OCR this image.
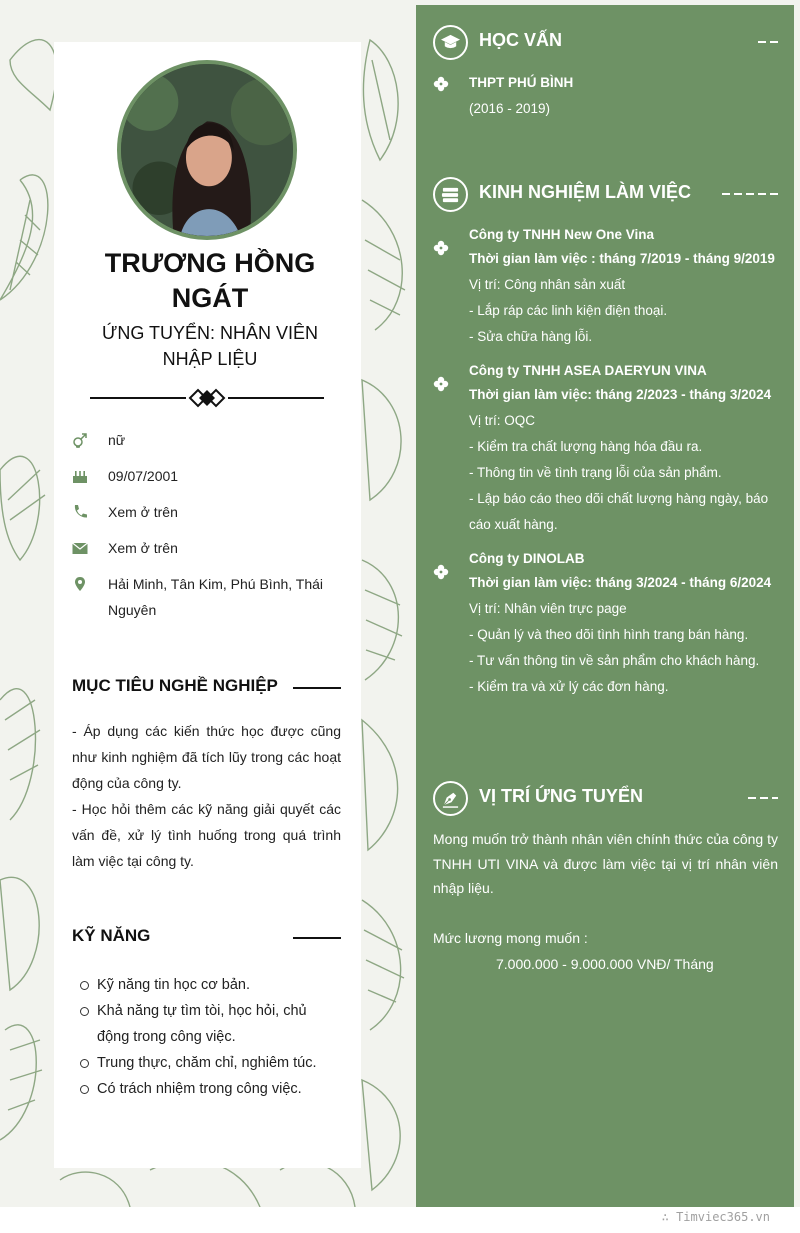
TRƯƠNG HỒNG
NGÁT
ỨNG TUYỂN: NHÂN VIÊN
NHẬP LIỆU
nữ
09/07/2001
Xem ở trên
Xem ở trên
Hải Minh, Tân Kim, Phú Bình, Thái Nguyên
MỤC TIÊU NGHỀ NGHIỆP
- Áp dụng các kiến thức học được cũng như kinh nghiệm đã tích lũy trong các hoạt động của công ty.
- Học hỏi thêm các kỹ năng giải quyết các vấn đề, xử lý tình huống trong quá trình làm việc tại công ty.
KỸ NĂNG
Kỹ năng tin học cơ bản.
Khả năng tự tìm tòi, học hỏi, chủ động trong công việc.
Trung thực, chăm chỉ, nghiêm túc.
Có trách nhiệm trong công việc.
HỌC VẤN
THPT PHÚ BÌNH
(2016 - 2019)
KINH NGHIỆM LÀM VIỆC
Công ty TNHH New One Vina
Thời gian làm việc : tháng 7/2019 - tháng 9/2019
Vị trí: Công nhân sản xuất
- Lắp ráp các linh kiện điện thoại.
- Sửa chữa hàng lỗi.
Công ty TNHH ASEA DAERYUN VINA
Thời gian làm việc: tháng 2/2023 - tháng 3/2024
Vị trí: OQC
- Kiểm tra chất lượng hàng hóa đầu ra.
- Thông tin về tình trạng lỗi của sản phẩm.
- Lập báo cáo theo dõi chất lượng hàng ngày, báo cáo xuất hàng.
Công ty DINOLAB
Thời gian làm việc: tháng 3/2024 - tháng 6/2024
Vị trí: Nhân viên trực page
- Quản lý và theo dõi tình hình trang bán hàng.
- Tư vấn thông tin về sản phẩm cho khách hàng.
- Kiểm tra và xử lý các đơn hàng.
VỊ TRÍ ỨNG TUYỂN
Mong muốn trở thành nhân viên chính thức của công ty TNHH UTI VINA và được làm việc tại vị trí nhân viên nhập liệu.
Mức lương mong muốn :
7.000.000 - 9.000.000 VNĐ/ Tháng
∴ Timviec365.vn
